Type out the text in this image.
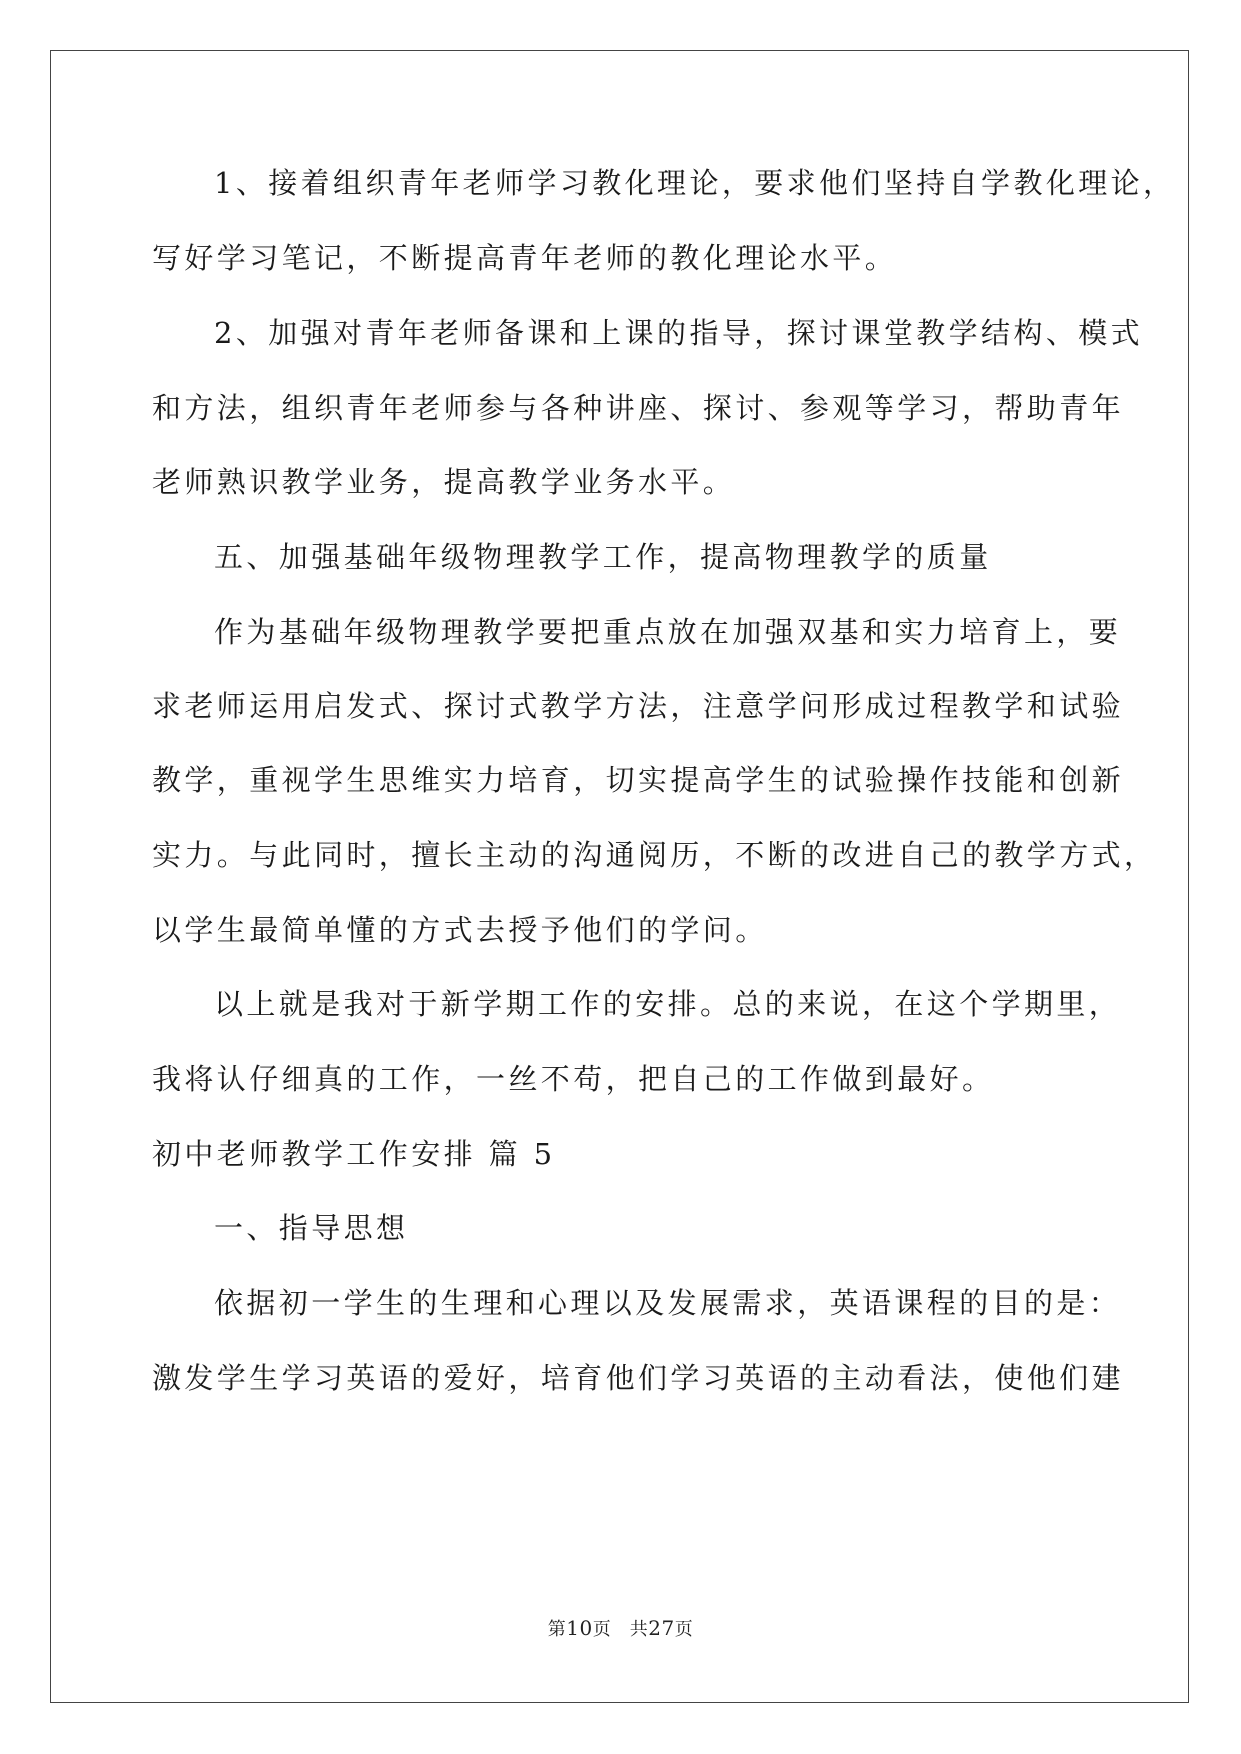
1、接着组织青年老师学习教化理论，要求他们坚持自学教化理论，
写好学习笔记，不断提高青年老师的教化理论水平。
2、加强对青年老师备课和上课的指导，探讨课堂教学结构、模式
和方法，组织青年老师参与各种讲座、探讨、参观等学习，帮助青年
老师熟识教学业务，提高教学业务水平。
五、加强基础年级物理教学工作，提高物理教学的质量
作为基础年级物理教学要把重点放在加强双基和实力培育上，要
求老师运用启发式、探讨式教学方法，注意学问形成过程教学和试验
教学，重视学生思维实力培育，切实提高学生的试验操作技能和创新
实力。与此同时，擅长主动的沟通阅历，不断的改进自己的教学方式，
以学生最简单懂的方式去授予他们的学问。
以上就是我对于新学期工作的安排。总的来说，在这个学期里，
我将认仔细真的工作，一丝不苟，把自己的工作做到最好。
初中老师教学工作安排 篇 5
一、指导思想
依据初一学生的生理和心理以及发展需求，英语课程的目的是：
激发学生学习英语的爱好，培育他们学习英语的主动看法，使他们建
第10页　共27页
